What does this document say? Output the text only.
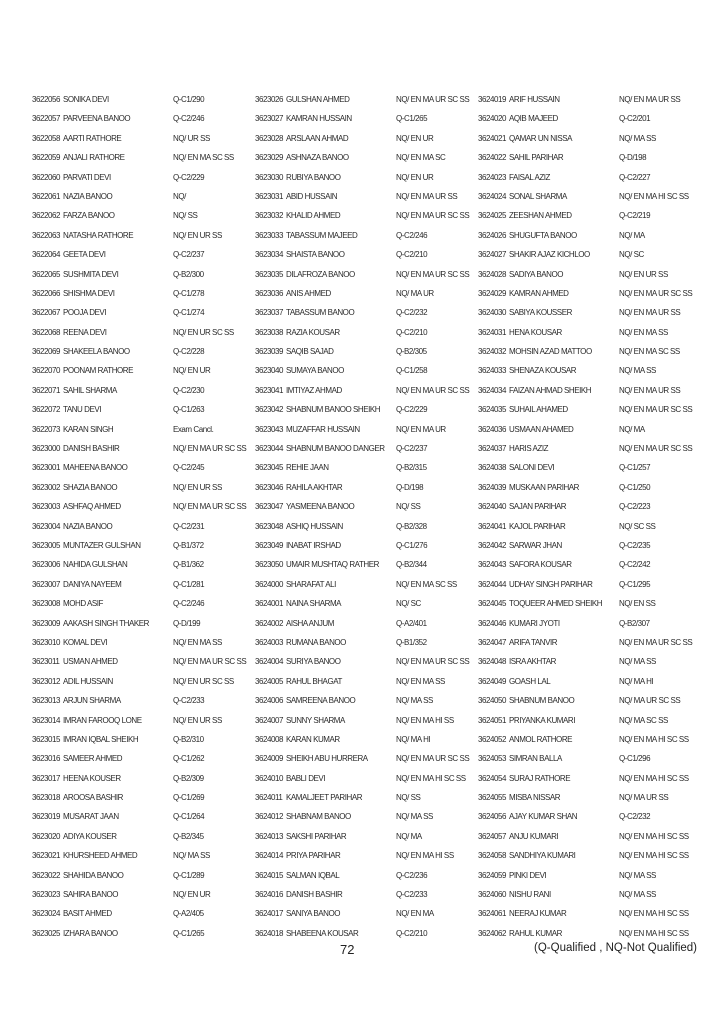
3622056 SONIKA DEVI	Q-C1/290
3622057 PARVEENA BANOO	Q-C2/246
3622058 AARTI RATHORE	NQ/ UR SS
3622059 ANJALI RATHORE	NQ/ EN MA SC SS
3622060 PARVATI DEVI	Q-C2/229
3622061 NAZIA BANOO	NQ/
3622062 FARZA BANOO	NQ/ SS
3622063 NATASHA RATHORE	NQ/ EN UR SS
3622064 GEETA DEVI	Q-C2/237
3622065 SUSHMITA DEVI	Q-B2/300
3622066 SHISHMA DEVI	Q-C1/278
3622067 POOJA DEVI	Q-C1/274
3622068 REENA DEVI	NQ/ EN UR SC SS
3622069 SHAKEELA BANOO	Q-C2/228
3622070 POONAM RATHORE	NQ/ EN UR
3622071 SAHIL SHARMA	Q-C2/230
3622072 TANU DEVI	Q-C1/263
3622073 KARAN SINGH	Exam Cancl.
3623000 DANISH BASHIR	NQ/ EN MA UR SC SS
3623001 MAHEENA BANOO	Q-C2/245
3623002 SHAZIA BANOO	NQ/ EN UR SS
3623003 ASHFAQ AHMED	NQ/ EN MA UR SC SS
3623004 NAZIA BANOO	Q-C2/231
3623005 MUNTAZER GULSHAN	Q-B1/372
3623006 NAHIDA GULSHAN	Q-B1/362
3623007 DANIYA NAYEEM	Q-C1/281
3623008 MOHD ASIF	Q-C2/246
3623009 AAKASH SINGH THAKER	Q-D/199
3623010 KOMAL DEVI	NQ/ EN MA SS
3623011 USMAN AHMED	NQ/ EN MA UR SC SS
3623012 ADIL HUSSAIN	NQ/ EN UR SC SS
3623013 ARJUN SHARMA	Q-C2/233
3623014 IMRAN FAROOQ LONE	NQ/ EN UR SS
3623015 IMRAN IQBAL SHEIKH	Q-B2/310
3623016 SAMEER AHMED	Q-C1/262
3623017 HEENA KOUSER	Q-B2/309
3623018 AROOSA BASHIR	Q-C1/269
3623019 MUSARAT JAAN	Q-C1/264
3623020 ADIYA KOUSER	Q-B2/345
3623021 KHURSHEED AHMED	NQ/ MA SS
3623022 SHAHIDA BANOO	Q-C1/289
3623023 SAHIRA BANOO	NQ/ EN UR
3623024 BASIT AHMED	Q-A2/405
3623025 IZHARA BANOO	Q-C1/265
3623026 GULSHAN AHMED	NQ/ EN MA UR SC SS
3623027 KAMRAN HUSSAIN	Q-C1/265
3623028 ARSLAAN AHMAD	NQ/ EN UR
3623029 ASHNAZA BANOO	NQ/ EN MA SC
3623030 RUBIYA BANOO	NQ/ EN UR
3623031 ABID HUSSAIN	NQ/ EN MA UR SS
3623032 KHALID AHMED	NQ/ EN MA UR SC SS
3623033 TABASSUM MAJEED	Q-C2/246
3623034 SHAISTA BANOO	Q-C2/210
3623035 DILAFROZA BANOO	NQ/ EN MA UR SC SS
3623036 ANIS AHMED	NQ/ MA UR
3623037 TABASSUM BANOO	Q-C2/232
3623038 RAZIA KOUSAR	Q-C2/210
3623039 SAQIB SAJAD	Q-B2/305
3623040 SUMAYA BANOO	Q-C1/258
3623041 IMTIYAZ AHMAD	NQ/ EN MA UR SC SS
3623042 SHABNUM BANOO SHEIKH Q-C2/229
3623043 MUZAFFAR HUSSAIN	NQ/ EN MA UR
3623044 SHABNUM BANOO DANGER Q-C2/237
3623045 REHIE JAAN	Q-B2/315
3623046 RAHILA AKHTAR	Q-D/198
3623047 YASMEENA BANOO	NQ/ SS
3623048 ASHIQ HUSSAIN	Q-B2/328
3623049 INABAT IRSHAD	Q-C1/276
3623050 UMAIR MUSHTAQ RATHER Q-B2/344
3624000 SHARAFAT ALI	NQ/ EN MA SC SS
3624001 NAINA SHARMA	NQ/ SC
3624002 AISHA ANJUM	Q-A2/401
3624003 RUMANA BANOO	Q-B1/352
3624004 SURIYA BANOO	NQ/ EN MA UR SC SS
3624005 RAHUL BHAGAT	NQ/ EN MA SS
3624006 SAMREENA BANOO	NQ/ MA SS
3624007 SUNNY SHARMA	NQ/ EN MA HI SS
3624008 KARAN KUMAR	NQ/ MA HI
3624009 SHEIKH ABU HURRERA	NQ/ EN MA UR SC SS
3624010 BABLI DEVI	NQ/ EN MA HI SC SS
3624011 KAMALJEET PARIHAR	NQ/ SS
3624012 SHABNAM BANOO	NQ/ MA SS
3624013 SAKSHI PARIHAR	NQ/ MA
3624014 PRIYA PARIHAR	NQ/ EN MA HI SS
3624015 SALMAN IQBAL	Q-C2/236
3624016 DANISH BASHIR	Q-C2/233
3624017 SANIYA BANOO	NQ/ EN MA
3624018 SHABEENA KOUSAR	Q-C2/210
3624019 ARIF HUSSAIN	NQ/ EN MA UR SS
3624020 AQIB MAJEED	Q-C2/201
3624021 QAMAR UN NISSA	NQ/ MA SS
3624022 SAHIL PARIHAR	Q-D/198
3624023 FAISAL AZIZ	Q-C2/227
3624024 SONAL SHARMA	NQ/ EN MA HI SC SS
3624025 ZEESHAN AHMED	Q-C2/219
3624026 SHUGUFTA BANOO	NQ/ MA
3624027 SHAKIR AJAZ KICHLOO	NQ/ SC
3624028 SADIYA BANOO	NQ/ EN UR SS
3624029 KAMRAN AHMED	NQ/ EN MA UR SC SS
3624030 SABIYA KOUSSER	NQ/ EN MA UR SS
3624031 HENA KOUSAR	NQ/ EN MA SS
3624032 MOHSIN AZAD MATTOO	NQ/ EN MA SC SS
3624033 SHENAZA KOUSAR	NQ/ MA SS
3624034 FAIZAN AHMAD SHEIKH	NQ/ EN MA UR SS
3624035 SUHAIL AHAMED	NQ/ EN MA UR SC SS
3624036 USMAAN AHAMED	NQ/ MA
3624037 HARIS AZIZ	NQ/ EN MA UR SC SS
3624038 SALONI DEVI	Q-C1/257
3624039 MUSKAAN PARIHAR	Q-C1/250
3624040 SAJAN PARIHAR	Q-C2/223
3624041 KAJOL PARIHAR	NQ/ SC SS
3624042 SARWAR JHAN	Q-C2/235
3624043 SAFORA KOUSAR	Q-C2/242
3624044 UDHAY SINGH PARIHAR	Q-C1/295
3624045 TOQUEER AHMED SHEIKH NQ/ EN SS
3624046 KUMARI JYOTI	Q-B2/307
3624047 ARIFA TANVIR	NQ/ EN MA UR SC SS
3624048 ISRA AKHTAR	NQ/ MA SS
3624049 GOASH LAL	NQ/ MA HI
3624050 SHABNUM BANOO	NQ/ MA UR SC SS
3624051 PRIYANKA KUMARI	NQ/ MA SC SS
3624052 ANMOL RATHORE	NQ/ EN MA HI SC SS
3624053 SIMRAN BALLA	Q-C1/296
3624054 SURAJ RATHORE	NQ/ EN MA HI SC SS
3624055 MISBA NISSAR	NQ/ MA UR SS
3624056 AJAY KUMAR SHAN	Q-C2/232
3624057 ANJU KUMARI	NQ/ EN MA HI SC SS
3624058 SANDHIYA KUMARI	NQ/ EN MA HI SC SS
3624059 PINKI DEVI	NQ/ MA SS
3624060 NISHU RANI	NQ/ MA SS
3624061 NEERAJ KUMAR	NQ/ EN MA HI SC SS
3624062 RAHUL KUMAR	NQ/ EN MA HI SC SS
72	(Q-Qualified , NQ-Not Qualified)
